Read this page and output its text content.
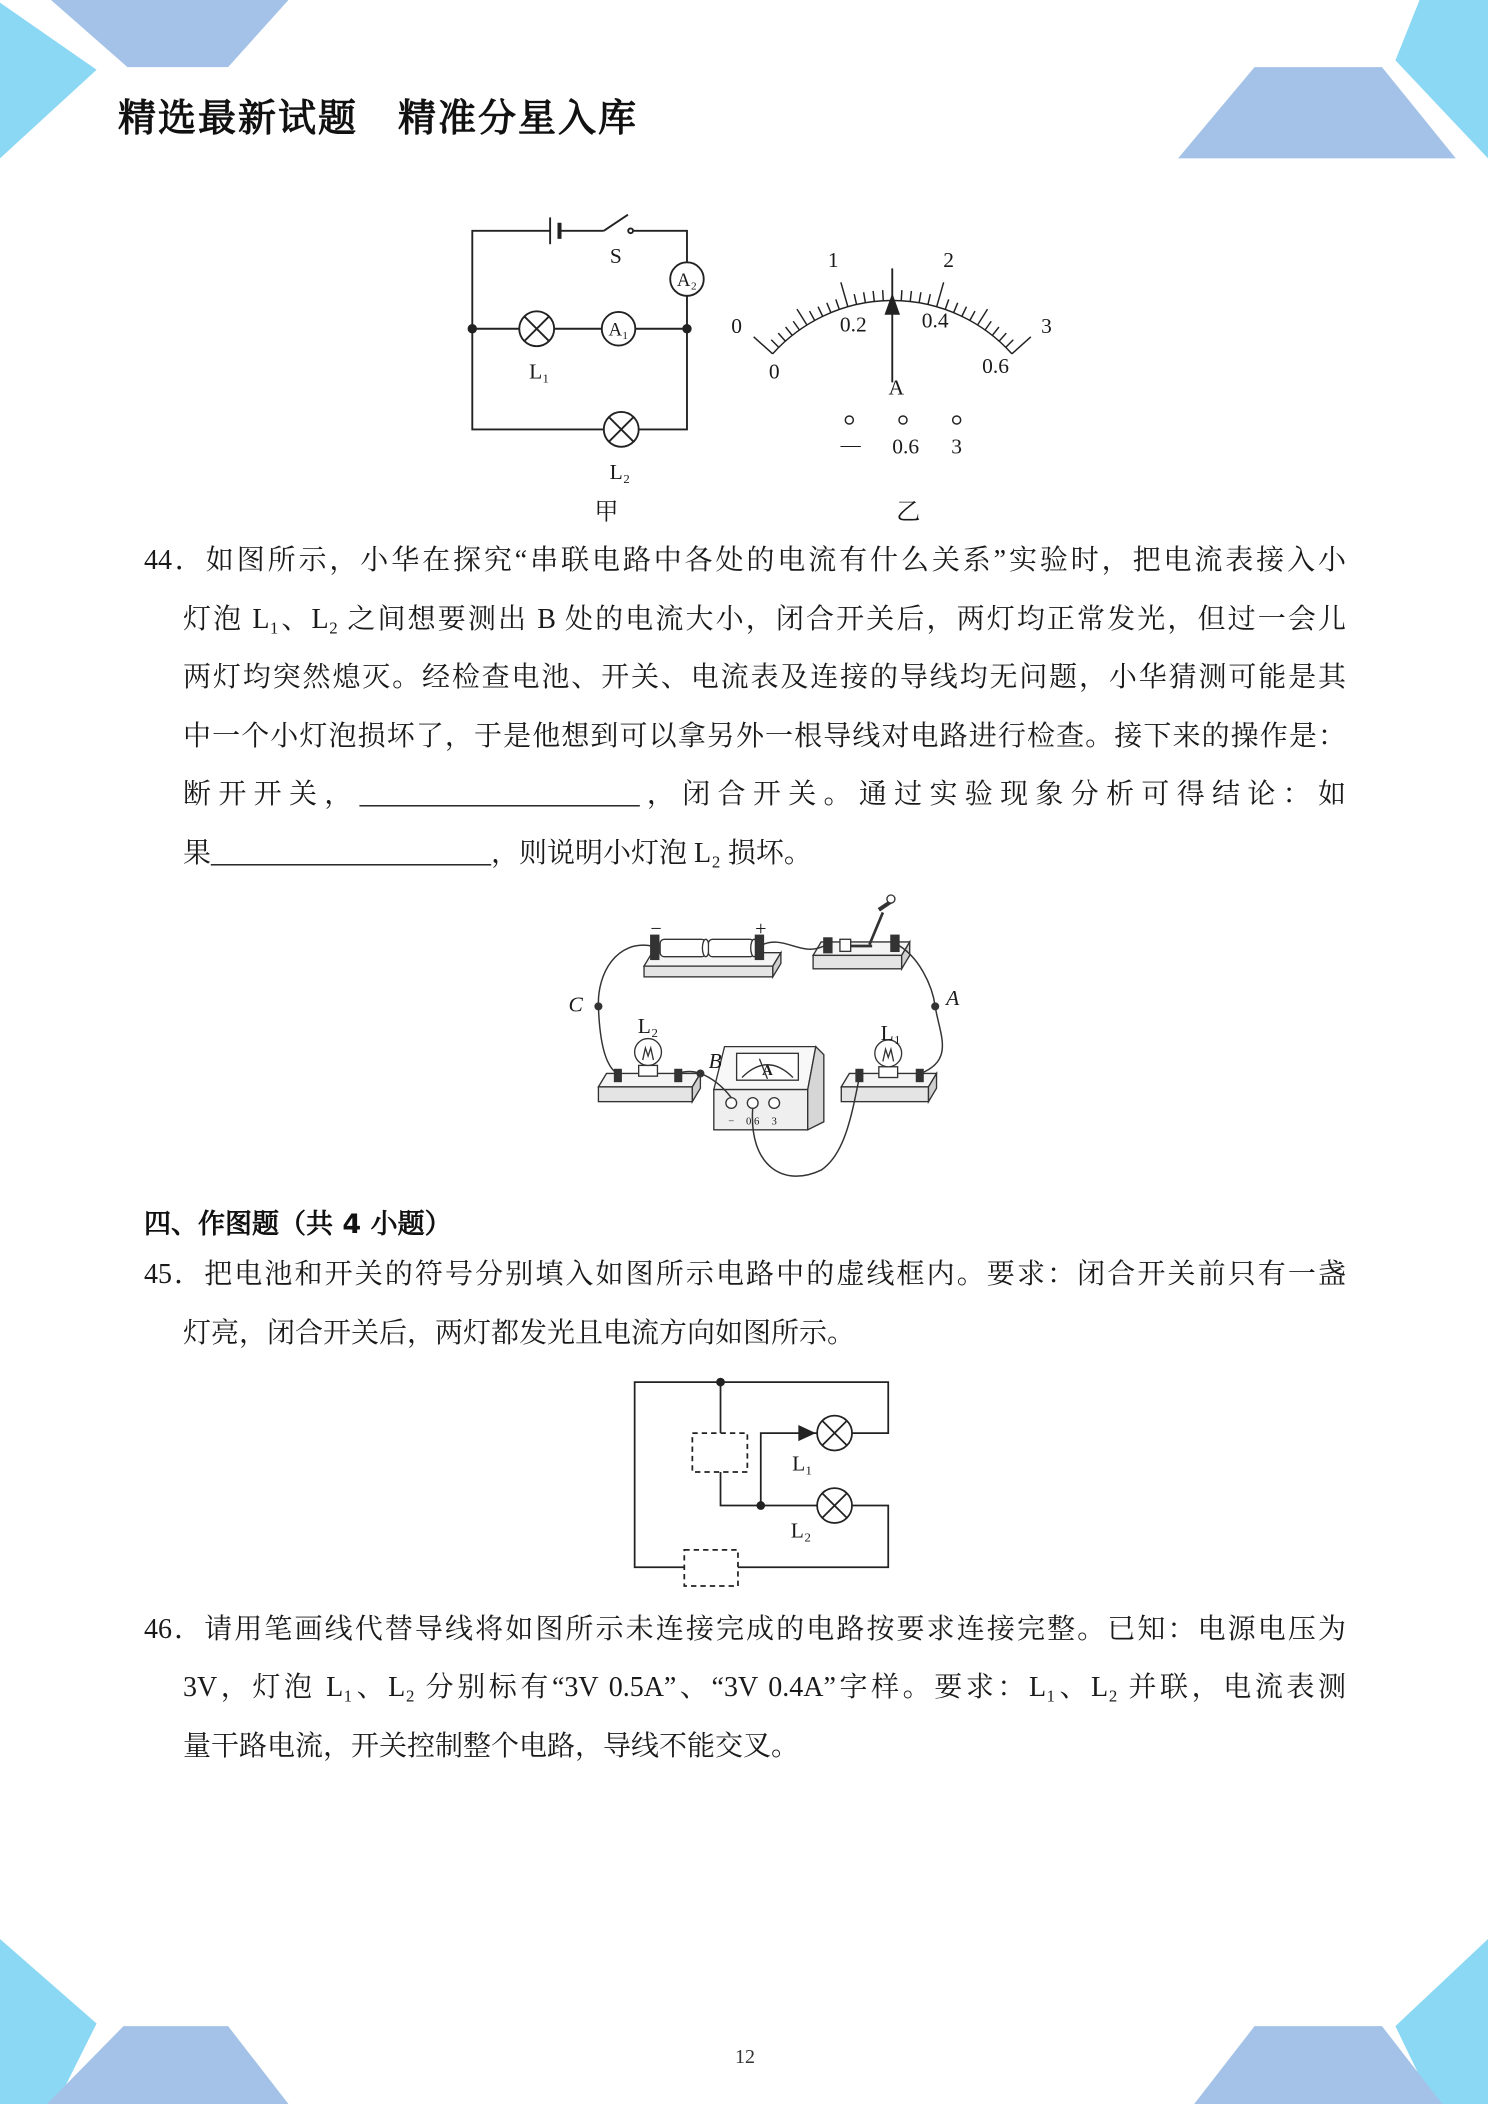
S
A₂
A₁
L₁
L₂
甲
0
1	2
3
0
0.2	0.4
0.6
A
— 0.6 3
乙
−	+
C	A
B
L₂	L₁
A
− 0.6 3
L₁
L₂
精选最新试题　精准分星入库
44．如图所示，小华在探究“串联电路中各处的电流有什么关系”实验时，把电流表接入小
灯泡 L₁、L₂ 之间想要测出 B 处的电流大小，闭合开关后，两灯均正常发光，但过一会儿
两灯均突然熄灭。经检查电池、开关、电流表及连接的导线均无问题，小华猜测可能是其
中一个小灯泡损坏了，于是他想到可以拿另外一根导线对电路进行检查。接下来的操作是：
断开开关，____________________，闭合开关。通过实验现象分析可得结论：如
果____________________，则说明小灯泡 L₂ 损坏。
四、作图题（共 4 小题）
45．把电池和开关的符号分别填入如图所示电路中的虚线框内。要求：闭合开关前只有一盏
灯亮，闭合开关后，两灯都发光且电流方向如图所示。
46．请用笔画线代替导线将如图所示未连接完成的电路按要求连接完整。已知：电源电压为
3V，灯泡 L₁、L₂ 分别标有“3V 0.5A”、“3V 0.4A”字样。要求：L₁、L₂ 并联，电流表测
量干路电流，开关控制整个电路，导线不能交叉。
12
